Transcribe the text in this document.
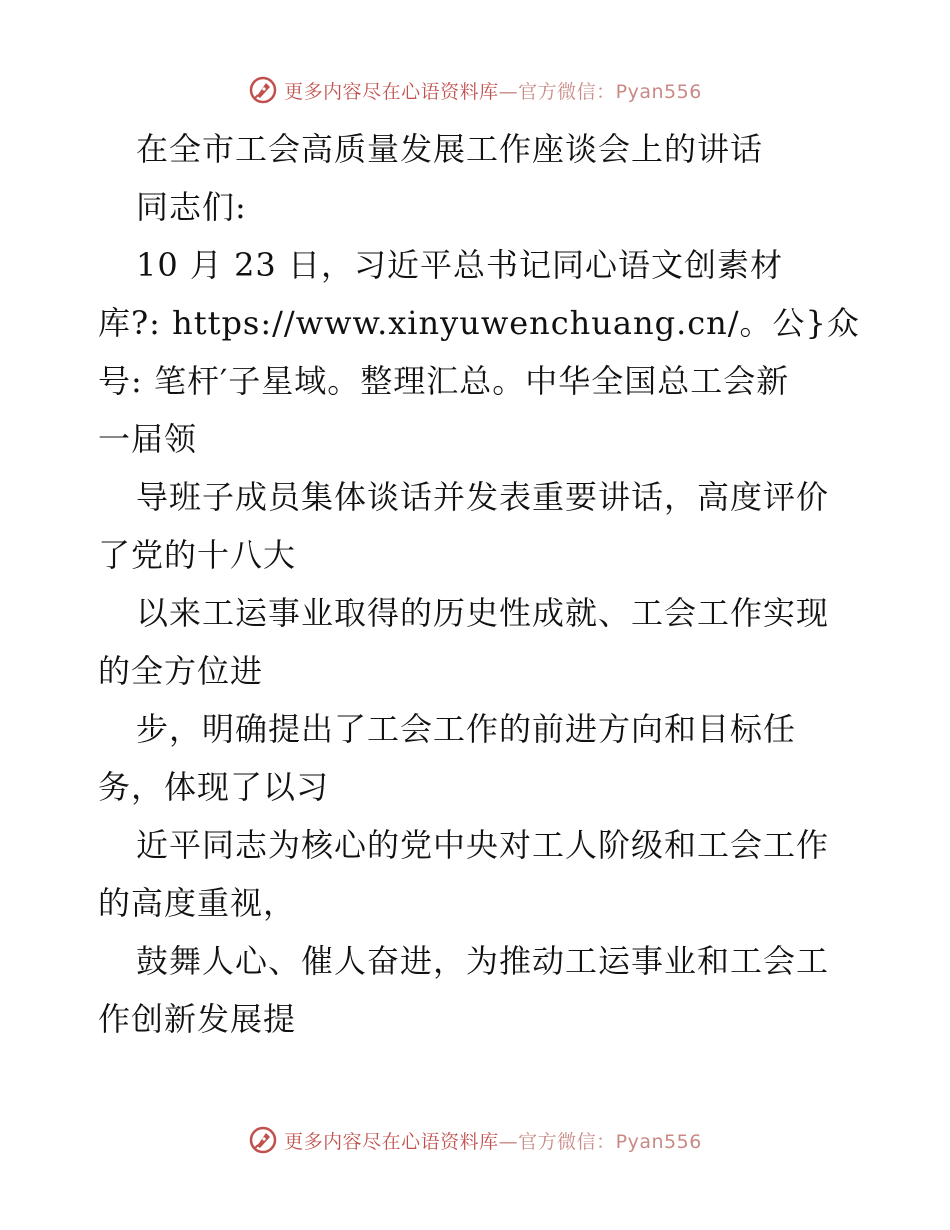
更多内容尽在心语资料库—官方微信：Pyan556
在全市工会高质量发展工作座谈会上的讲话
同志们:
10 月 23 日，习近平总书记同心语文创素材
库?: https://www.xinyuwenchuang.cn/。公}众
号: 笔杆′子星域。整理汇总。中华全国总工会新
一届领
导班子成员集体谈话并发表重要讲话，高度评价
了党的十八大
以来工运事业取得的历史性成就、工会工作实现
的全方位进
步，明确提出了工会工作的前进方向和目标任
务，体现了以习
近平同志为核心的党中央对工人阶级和工会工作
的高度重视，
鼓舞人心、催人奋进，为推动工运事业和工会工
作创新发展提
更多内容尽在心语资料库—官方微信：Pyan556
